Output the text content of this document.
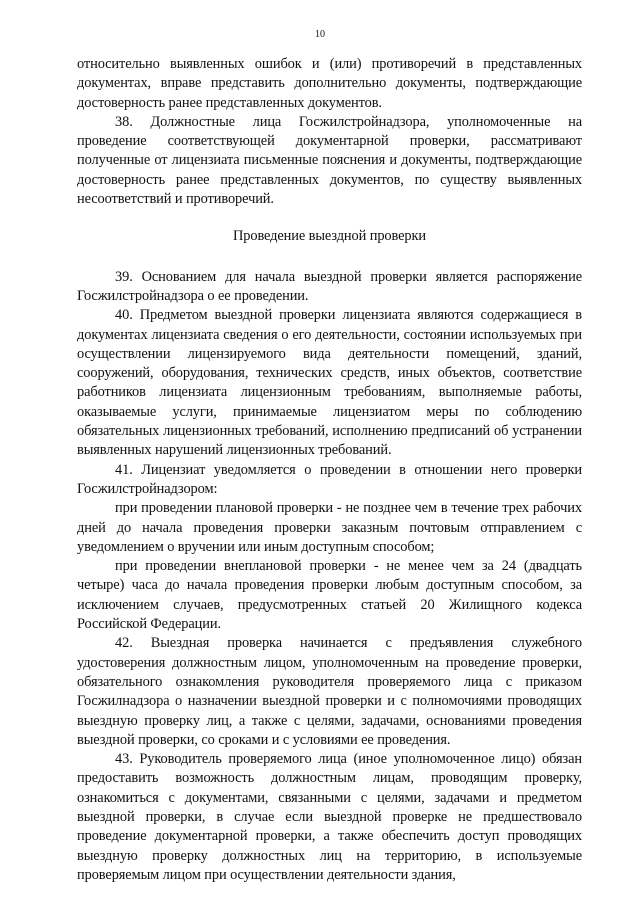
10

относительно выявленных ошибок и (или) противоречий в представленных документах, вправе представить дополнительно документы, подтверждающие достоверность ранее представленных документов.

38. Должностные лица Госжилстройнадзора, уполномоченные на проведение соответствующей документарной проверки, рассматривают полученные от лицензиата письменные пояснения и документы, подтверждающие достоверность ранее представленных документов, по существу выявленных несоответствий и противоречий.

Проведение выездной проверки

39. Основанием для начала выездной проверки является распоряжение Госжилстройнадзора о ее проведении.

40. Предметом выездной проверки лицензиата являются содержащиеся в документах лицензиата сведения о его деятельности, состоянии используемых при осуществлении лицензируемого вида деятельности помещений, зданий, сооружений, оборудования, технических средств, иных объектов, соответствие работников лицензиата лицензионным требованиям, выполняемые работы, оказываемые услуги, принимаемые лицензиатом меры по соблюдению обязательных лицензионных требований, исполнению предписаний об устранении выявленных нарушений лицензионных требований.

41. Лицензиат уведомляется о проведении в отношении него проверки Госжилстройнадзором:

при проведении плановой проверки - не позднее чем в течение трех рабочих дней до начала проведения проверки заказным почтовым отправлением с уведомлением о вручении или иным доступным способом;

при проведении внеплановой проверки - не менее чем за 24 (двадцать четыре) часа до начала проведения проверки любым доступным способом, за исключением случаев, предусмотренных статьей 20 Жилищного кодекса Российской Федерации.

42. Выездная проверка начинается с предъявления служебного удостоверения должностным лицом, уполномоченным на проведение проверки, обязательного ознакомления руководителя проверяемого лица с приказом Госжилнадзора о назначении выездной проверки и с полномочиями проводящих выездную проверку лиц, а также с целями, задачами, основаниями проведения выездной проверки, со сроками и с условиями ее проведения.

43. Руководитель проверяемого лица (иное уполномоченное лицо) обязан предоставить возможность должностным лицам, проводящим проверку, ознакомиться с документами, связанными с целями, задачами и предметом выездной проверки, в случае если выездной проверке не предшествовало проведение документарной проверки, а также обеспечить доступ проводящих выездную проверку должностных лиц на территорию, в используемые проверяемым лицом при осуществлении деятельности здания,
